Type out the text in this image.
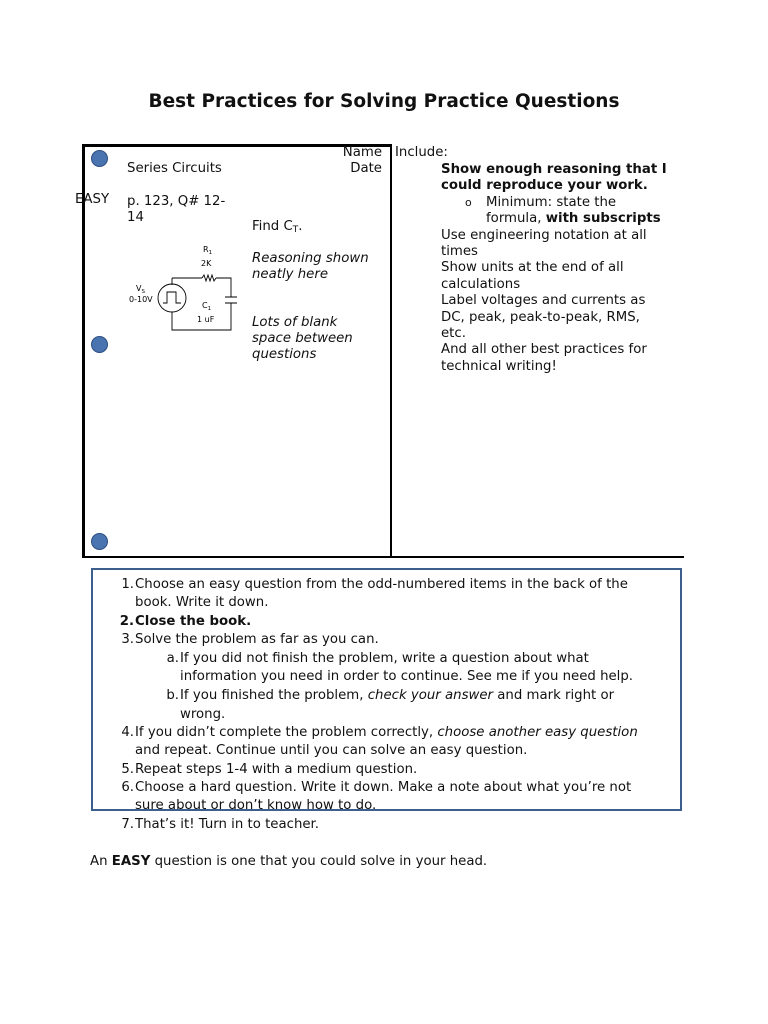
Best Practices for Solving Practice Questions
Name
Date
Include:
Series Circuits
EASY p. 123, Q# 12-
14
Find $C_T$.
Reasoning shown
neatly here
Lots of blank
space between
questions
$R_1$
2K
$V_S$
0-10V
$C_1$
1 uF

Show enough reasoning that I

could reproduce your work.

o Minimum: state the

formula, with subscripts

Use engineering notation at all

times

Show units at the end of all

calculations

Label voltages and currents as

DC, peak, peak-to-peak, RMS,

etc.

And all other best practices for

technical writing!

1. Choose an easy question from the odd-numbered items in the back of the
book. Write it down.
2. Close the book.
3. Solve the problem as far as you can.
a. If you did not finish the problem, write a question about what
information you need in order to continue. See me if you need help.
b. If you finished the problem, check your answer and mark right or
wrong.
4. If you didn’t complete the problem correctly, choose another easy question
and repeat. Continue until you can solve an easy question.
5. Repeat steps 1-4 with a medium question.
6. Choose a hard question. Write it down. Make a note about what you’re not
sure about or don’t know how to do.
7. That’s it! Turn in to teacher.
An EASY question is one that you could solve in your head.
